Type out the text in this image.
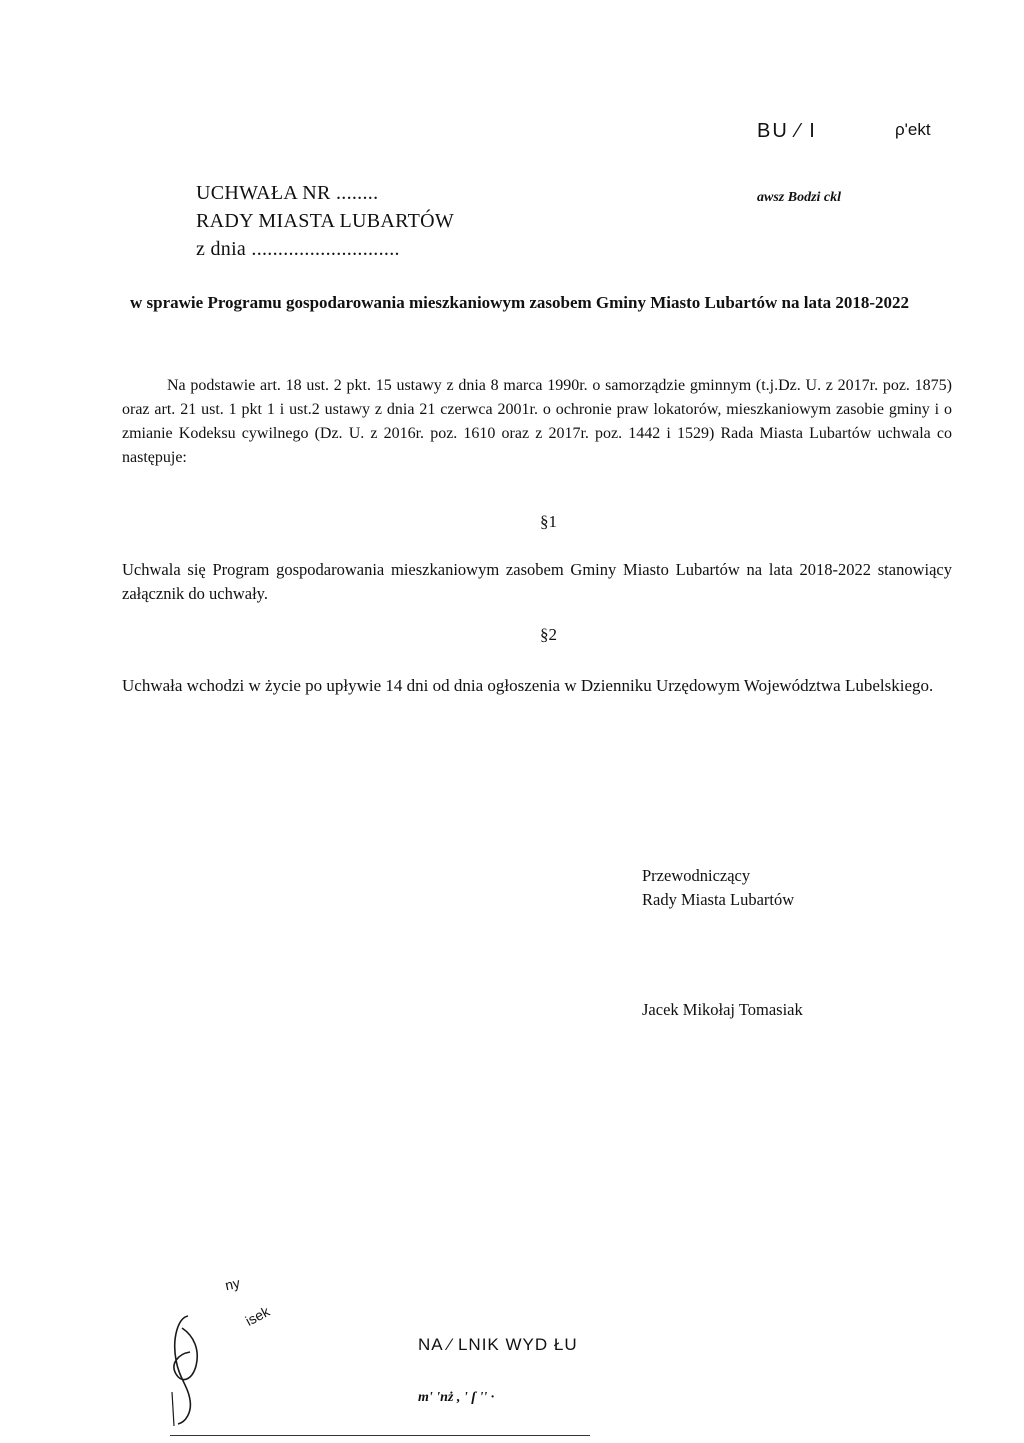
BU ⁄ I	ρ'ekt
UCHWAŁA NR ........
RADY MIASTA LUBARTÓW
z dnia ............................
awsz Bodzi ckl
w sprawie Programu gospodarowania mieszkaniowym zasobem Gminy Miasto Lubartów na lata 2018-2022
Na podstawie art. 18 ust. 2 pkt. 15 ustawy z dnia 8 marca 1990r. o samorządzie gminnym (t.j.Dz. U. z 2017r. poz. 1875) oraz art. 21 ust. 1 pkt 1 i ust.2 ustawy z dnia 21 czerwca 2001r. o ochronie praw lokatorów, mieszkaniowym zasobie gminy i o zmianie Kodeksu cywilnego (Dz. U. z 2016r. poz. 1610 oraz z 2017r. poz. 1442 i 1529) Rada Miasta Lubartów uchwala co następuje:
§1
Uchwala się Program gospodarowania mieszkaniowym zasobem Gminy Miasto Lubartów na lata 2018-2022 stanowiący załącznik do uchwały.
§2
Uchwała wchodzi w życie po upływie 14 dni od dnia ogłoszenia w Dzienniku Urzędowym Województwa Lubelskiego.
Przewodniczący
Rady Miasta Lubartów
Jacek Mikołaj Tomasiak
ny
isek
NA ⁄ LNIK WYD ŁU
m' 'nż , ' ſ '' ·
